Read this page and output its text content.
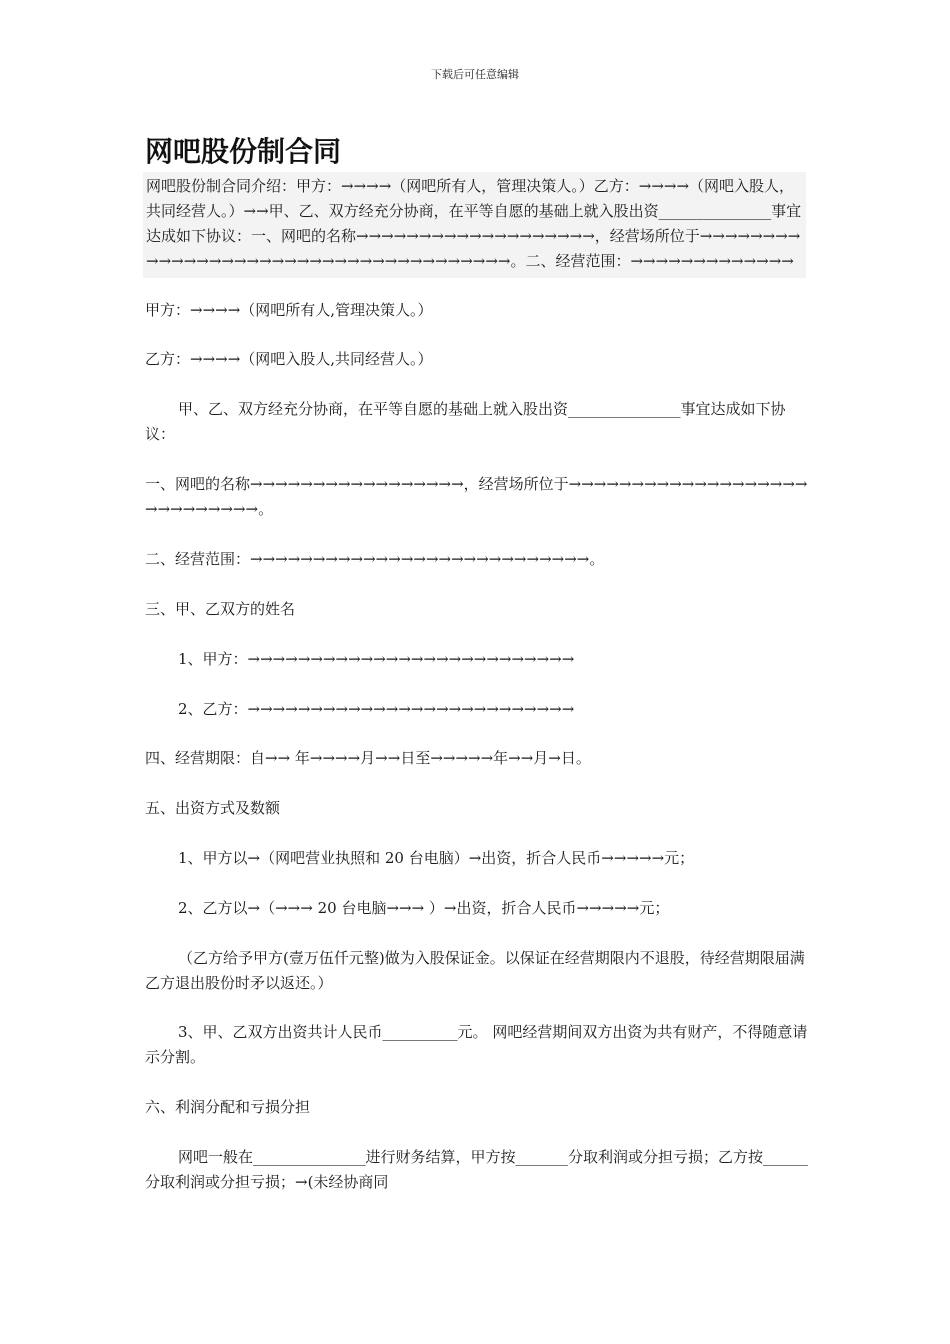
下载后可任意编辑
网吧股份制合同
网吧股份制合同介绍：甲方：→→→→（网吧所有人，管理决策人。）乙方：→→→→（网吧入股人，共同经营人。）→→甲、乙、双方经充分协商，在平等自愿的基础上就入股出资_______________事宜达成如下协议：一、网吧的名称→→→→→→→→→→→→→→→→→→→，经营场所位于→→→→→→→→→→→→→→→→→→→→→→→→→→→→→→→→→→→→→。二、经营范围：→→→→→→→→→→→→→

甲方：→→→→（网吧所有人,管理决策人。）

乙方：→→→→（网吧入股人,共同经营人。）

甲、乙、双方经充分协商，在平等自愿的基础上就入股出资_______________事宜达成如下协议：

一、网吧的名称→→→→→→→→→→→→→→→→→，经营场所位于→→→→→→→→→→→→→→→→→→→→→→→→→→→→。

二、经营范围：→→→→→→→→→→→→→→→→→→→→→→→→→→→。

三、甲、乙双方的姓名

1、甲方：→→→→→→→→→→→→→→→→→→→→→→→→→→

2、乙方：→→→→→→→→→→→→→→→→→→→→→→→→→→

四、经营期限：自→→ 年→→→→月→→日至→→→→→年→→月→日。

五、出资方式及数额

1、甲方以→（网吧营业执照和 20 台电脑）→出资，折合人民币→→→→→元；

2、乙方以→（→→→ 20 台电脑→→→ ）→出资，折合人民币→→→→→元；

（乙方给予甲方(壹万伍仟元整)做为入股保证金。以保证在经营期限内不退股，待经营期限届满乙方退出股份时矛以返还。）

3、甲、乙双方出资共计人民币__________元。 网吧经营期间双方出资为共有财产，不得随意请示分割。

六、利润分配和亏损分担

网吧一般在_______________进行财务结算，甲方按_______分取利润或分担亏损；乙方按______分取利润或分担亏损；→(未经协商同
